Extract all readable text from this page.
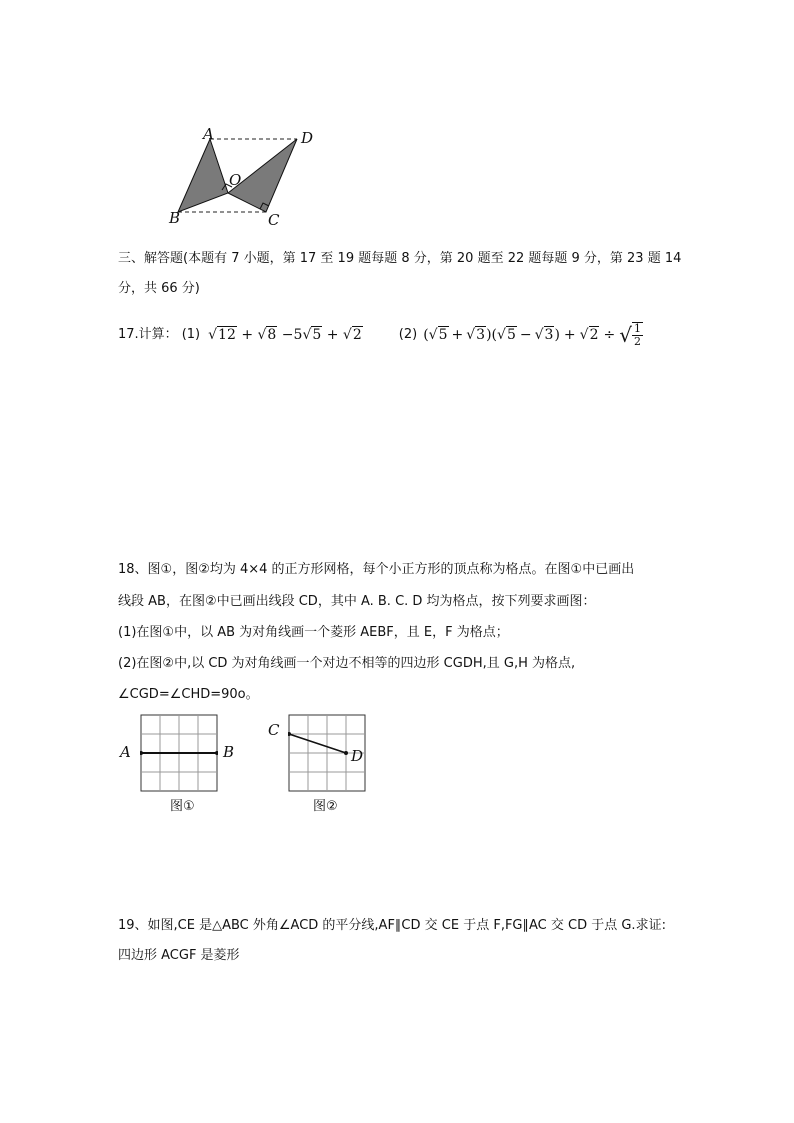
A	D
O
B	C
三、解答题(本题有 7 小题，第 17 至 19 题每题 8 分，第 20 题至 22 题每题 9 分，第 23 题 14
分，共 66 分)
17.计算： (1) √12 + √8 −5√5 + √2	(2) ( √5 + √3 )( √5 − √3 ) + √2 ÷ √ $\frac{1}{2}$
18、图①，图②均为 4×4 的正方形网格，每个小正方形的顶点称为格点。在图①中已画出
线段 AB，在图②中已画出线段 CD，其中 A. B. C. D 均为格点，按下列要求画图：
(1)在图①中，以 AB 为对角线画一个菱形 AEBF，且 E，F 为格点；
(2)在图②中,以 CD 为对角线画一个对边不相等的四边形 CGDH,且 G,H 为格点,
∠CGD=∠CHD=90o。
A	B
图①
C
D
图②
19、如图,CE 是△ABC 外角∠ACD 的平分线,AF∥CD 交 CE 于点 F,FG∥AC 交 CD 于点 G.求证:
四边形 ACGF 是菱形
